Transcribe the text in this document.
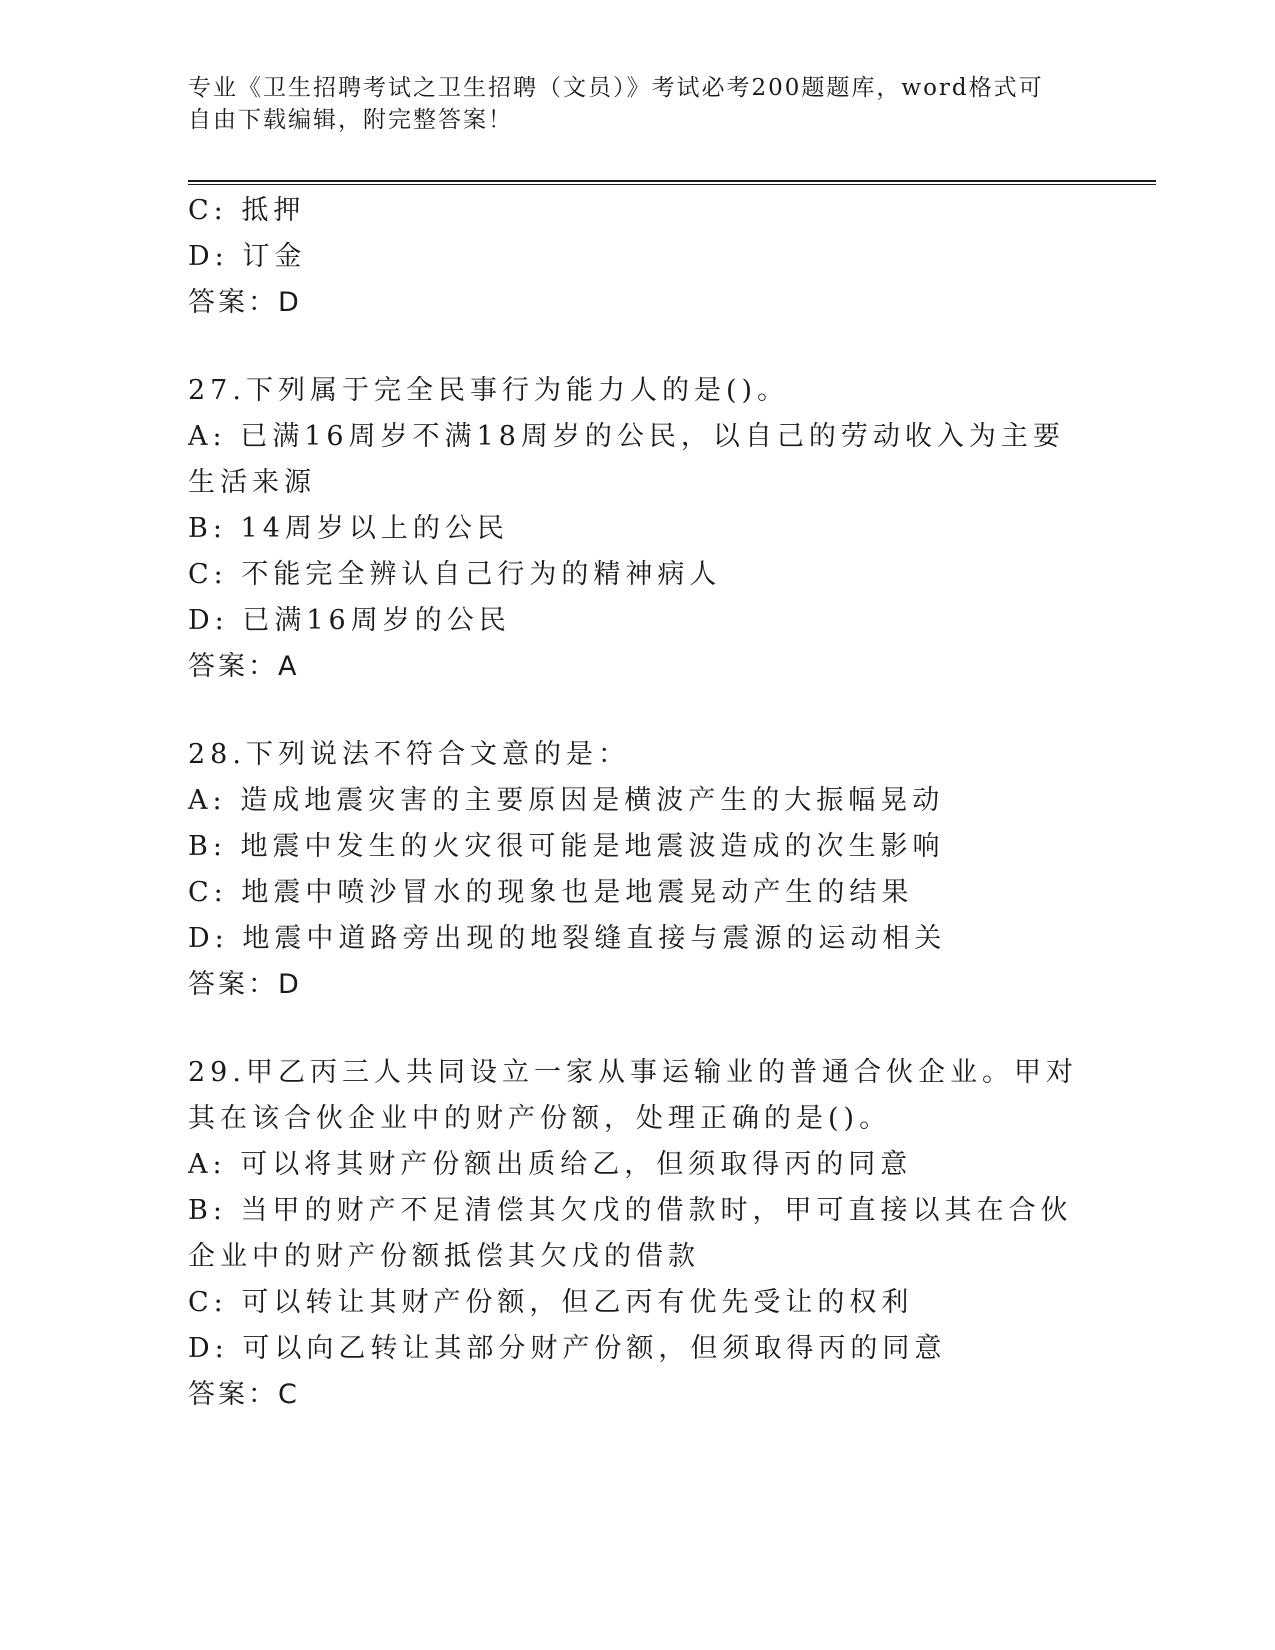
专业《卫生招聘考试之卫生招聘（文员）》考试必考200题题库，word格式可自由下载编辑，附完整答案！
C: 抵押
D: 订金
答案：D
27.下列属于完全民事行为能力人的是()。
A: 已满16周岁不满18周岁的公民，以自己的劳动收入为主要生活来源
B: 14周岁以上的公民
C: 不能完全辨认自己行为的精神病人
D: 已满16周岁的公民
答案：A
28.下列说法不符合文意的是：
A: 造成地震灾害的主要原因是横波产生的大振幅晃动
B: 地震中发生的火灾很可能是地震波造成的次生影响
C: 地震中喷沙冒水的现象也是地震晃动产生的结果
D: 地震中道路旁出现的地裂缝直接与震源的运动相关
答案：D
29.甲乙丙三人共同设立一家从事运输业的普通合伙企业。甲对其在该合伙企业中的财产份额，处理正确的是()。
A: 可以将其财产份额出质给乙，但须取得丙的同意
B: 当甲的财产不足清偿其欠戊的借款时，甲可直接以其在合伙企业中的财产份额抵偿其欠戊的借款
C: 可以转让其财产份额，但乙丙有优先受让的权利
D: 可以向乙转让其部分财产份额，但须取得丙的同意
答案：C
